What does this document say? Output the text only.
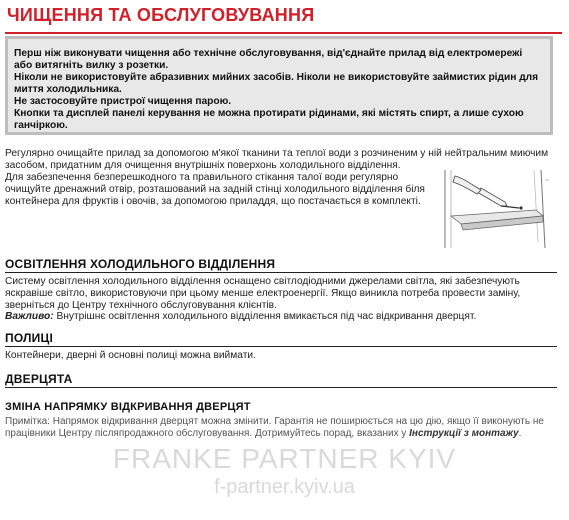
ЧИЩЕННЯ ТА ОБСЛУГОВУВАННЯ

Перш ніж виконувати чищення або технічне обслуговування, від'єднайте прилад від електромережі або витягніть вилку з розетки.

Ніколи не використовуйте абразивних мийних засобів. Ніколи не використовуйте займистих рідин для миття холодильника.

Не застосовуйте пристрої чищення парою.

Кнопки та дисплей панелі керування не можна протирати рідинами, які містять спирт, а лише сухою ганчіркою.

Регулярно очищайте прилад за допомогою м'якої тканини та теплої води з розчиненим у ній нейтральним миючим засобом, придатним для очищення внутрішніх поверхонь холодильного відділення.

Для забезпечення безперешкодного та правильного стікання талої води регулярно очищуйте дренажний отвір, розташований на задній стінці холодильного відділення біля контейнера для фруктів і овочів, за допомогою приладдя, що постачається в комплекті.

ОСВІТЛЕННЯ ХОЛОДИЛЬНОГО ВІДДІЛЕННЯ

Систему освітлення холодильного відділення оснащено світлодіодними джерелами світла, які забезпечують яскравіше світло, використовуючи при цьому менше електроенергії. Якщо виникла потреба провести заміну, зверніться до Центру технічного обслуговування клієнтів.

Важливо: Внутрішнє освітлення холодильного відділення вмикається під час відкривання дверцят.

ПОЛИЦІ

Контейнери, дверні й основні полиці можна виймати.

ДВЕРЦЯТА
ЗМІНА НАПРЯМКУ ВІДКРИВАННЯ ДВЕРЦЯТ

Примітка: Напрямок відкривання дверцят можна змінити. Гарантія не поширюється на цю дію, якщо її виконують не працівники Центру післяпродажного обслуговування. Дотримуйтесь порад, вказаних у Інструкції з монтажу.

FRANKE PARTNER KYIV
f-partner.kyiv.ua
